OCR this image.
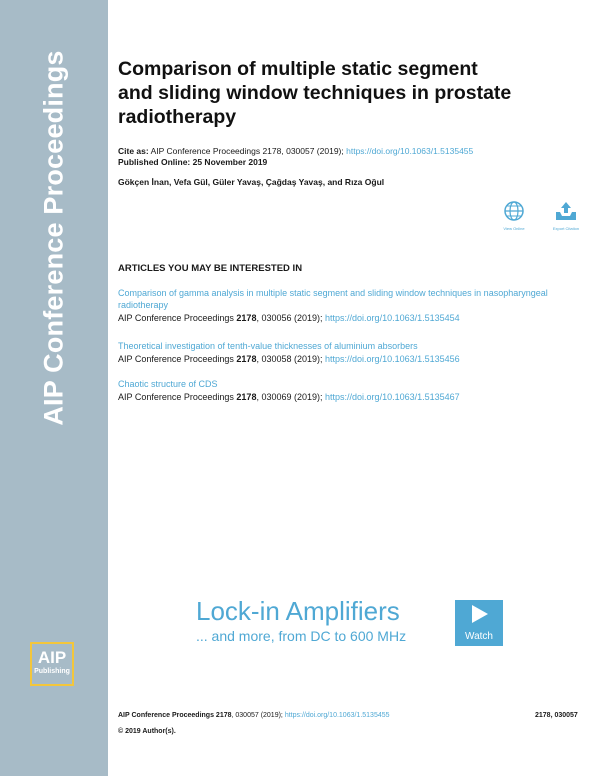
AIP Conference Proceedings
AIP
Publishing
Comparison of multiple static segment
and sliding window techniques in prostate
radiotherapy
Cite as: AIP Conference Proceedings 2178, 030057 (2019); https://doi.org/10.1063/1.5135455
Published Online: 25 November 2019
Gökçen İnan, Vefa Gül, Güler Yavaş, Çağdaş Yavaş, and Rıza Oğul
View Online	Export Citation
ARTICLES YOU MAY BE INTERESTED IN
Comparison of gamma analysis in multiple static segment and sliding window techniques in nasopharyngeal radiotherapy
AIP Conference Proceedings 2178, 030056 (2019); https://doi.org/10.1063/1.5135454
Theoretical investigation of tenth-value thicknesses of aluminium absorbers
AIP Conference Proceedings 2178, 030058 (2019); https://doi.org/10.1063/1.5135456
Chaotic structure of CDS
AIP Conference Proceedings 2178, 030069 (2019); https://doi.org/10.1063/1.5135467
Lock-in Amplifiers
... and more, from DC to 600 MHz	Watch
AIP Conference Proceedings 2178, 030057 (2019); https://doi.org/10.1063/1.5135455	2178, 030057
© 2019 Author(s).
